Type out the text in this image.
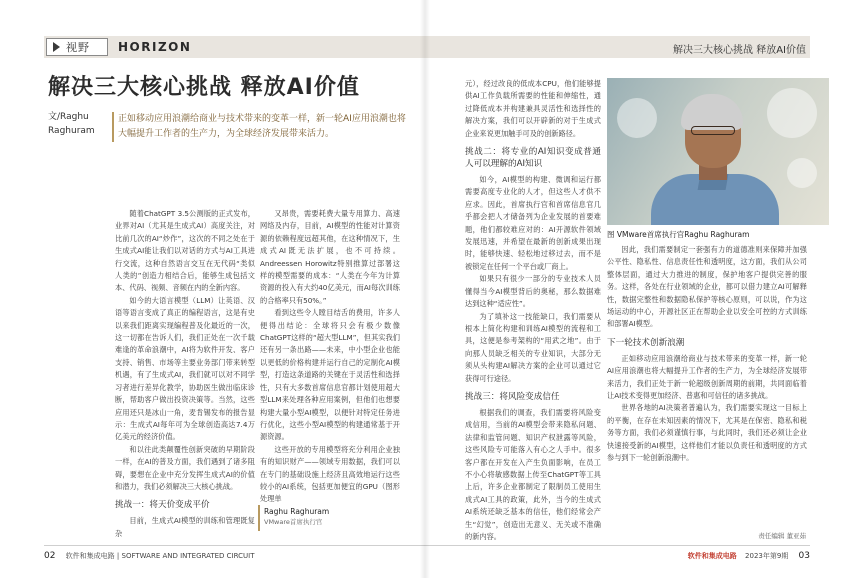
视野 HORIZON
解决三大核心挑战 释放AI价值
文/Raghu
Raghuram
正如移动应用浪潮给商业与技术带来的变革一样，新一轮AI应用浪潮也将大幅提升工作者的生产力，为全球经济发展带来活力。

随着ChatGPT 3.5公测版的正式发布，业界对AI（尤其是生成式AI）高度关注，对比前几次的AI“炒作”，这次的不同之处在于生成式AI能让我们以对话的方式与AI工具进行交流，这种自然语言交互在无代码“类似人类的”创造力相结合后，能够生成包括文本、代码、视频、音频在内的全新内容。

如今的大语言模型（LLM）让英语、汉语等语言变成了真正的编程语言，这是有史以来我们距离实现编程普及化最近的一次，这一切都在告诉人们，我们正处在一次千载难逢的革命浪潮中，AI将为软件开发、客户支持、销售、市场等主要业务部门带来转型机遇，有了生成式AI，我们就可以对不同学习者进行差异化教学，协助医生做出临床诊断，帮助客户做出投资决策等。当然，这些应用还只是冰山一角，麦肯锡发布的报告显示：生成式AI每年可为全球创造高达7.4万亿美元的经济价值。

和以往此类颠覆性创新突破的早期阶段一样，在AI的普及方面，我们遇到了诸多阻碍，要想在企业中充分发挥生成式AI的价值和潜力，我们必须解决三大核心挑战。

挑战一：将天价变成平价

目前，生成式AI模型的训练和管理既复杂

又昂贵，需要耗费大量专用算力、高速网络及内存，目前，AI模型的性能对计算资源的依赖程度远超其他，在这种情况下，生成式AI既无法扩展，也不可持续。Andreessen Horowitz特别推算过部署这样的模型需要的成本：“人类在今年为计算资源的投入有大约40亿美元，而AI每次训练的合格率只有50%。”

看到这些令人瞠目结舌的费用，许多人便得出结论：全球将只会有极少数像ChatGPT这样的“超大型LLM”，但其实我们还有另一条出路——未来，中小型企业也能以更低的价格构建并运行自己的定制化AI模型，打造这条道路的关键在于灵活性和选择性，只有大多数首席信息官都计划使用超大型LLM来处理各种应用案例，但他们也想要构建大量小型AI模型，以便针对特定任务进行优化，这些小型AI模型的构建通常基于开源资源。

这些开放的专用模型将充分利用企业独有的知识财产——领域专用数据，我们可以在专门的基础设施上经济且高效地运行这些较小的AI系统，包括更加便宜的GPU（图形处理单

Raghu Raghuram
VMware首席执行官
02 软件和集成电路 | SOFTWARE AND INTEGRATED CIRCUIT
解决三大核心挑战 释放AI价值

元），经过改良的低成本CPU，他们能够提供AI工作负载所需要的性能和伸缩性，通过降低成本并构建兼具灵活性和选择性的解决方案，我们可以开辟新的对于生成式企业来说更加触手可及的创新路径。

挑战二：将专业的AI知识变成普通人可以理解的AI知识

如今，AI模型的构建、微调和运行都需要高度专业化的人才，但这些人才供不应求。因此，首席执行官和首席信息官几乎都会把人才储备列为企业发展的首要难题，他们都较难应对的：AI开源软件领域发展迅速，并希望在最新的创新成果出现时，能够快速、轻松地过移过去，而不是被锁定在任何一个平台或厂商上。

如果只有很少一部分的专业技术人员懂得当今AI模型背后的奥秘，那么数据难达到这种“适应性”。

为了填补这一技能缺口，我们需要从根本上简化构建和训练AI模型的流程和工具，这便是参考架构的“用武之地”。由于向那人员缺乏相关的专业知识，大部分无须从头构建AI解决方案的企业可以通过它获得可行途径。

挑战三：将风险变成信任

根据我们的调查，我们需要将风险变成信用，当前的AI模型会带来隐私问题、法律和监管问题、知识产权泄露等风险，这些风险专可能落入有心之人手中。很多客户都在开发在入产生负面影响，在员工不小心将敏感数据上传至ChatGPT等工具上后，许多企业都制定了限制员工使用生成式AI工具的政策，此外，当今的生成式AI系统还缺乏基本的信任，他们经常会产生“幻觉”，创造出无意义、无关或不准确的新内容。

图 VMware首席执行官Raghu Raghuram

因此，我们需要制定一套强有力的道德准则来保障并加强公平性、隐私性、信息责任性和透明度，这方面，我们从公司整体层面，通过大力推进的制度，保护地客户提供完善的服务。这样，各处在行业领域的企业，都可以借力建立AI可解释性，数据完整性和数据隐私保护等核心原则，可以说，作为这场运动的中心，开源社区正在帮助企业以安全可控的方式训练和部署AI模型。

下一轮技术创新浪潮

正如移动应用浪潮给商业与技术带来的变革一样，新一轮AI应用浪潮也将大幅提升工作者的生产力，为全球经济发展带来活力，我们正处于新一轮超级创新周期的前期，共同面临着让AI技术变得更加经济、普惠和可信任的诸多挑战。

世界各地的AI决策者普遍认为，我们需要实现这一目标上的平衡，在存在未知因素的情况下，尤其是在保密、隐私和税务等方面，我们必须谨慎行事，与此同时，我们还必须让企业快速接受新的AI模型，这样他们才能以负责任和透明度的方式参与到下一轮创新浪潮中。

责任编辑 董亚茹
软件和集成电路 2023年第9期 03
